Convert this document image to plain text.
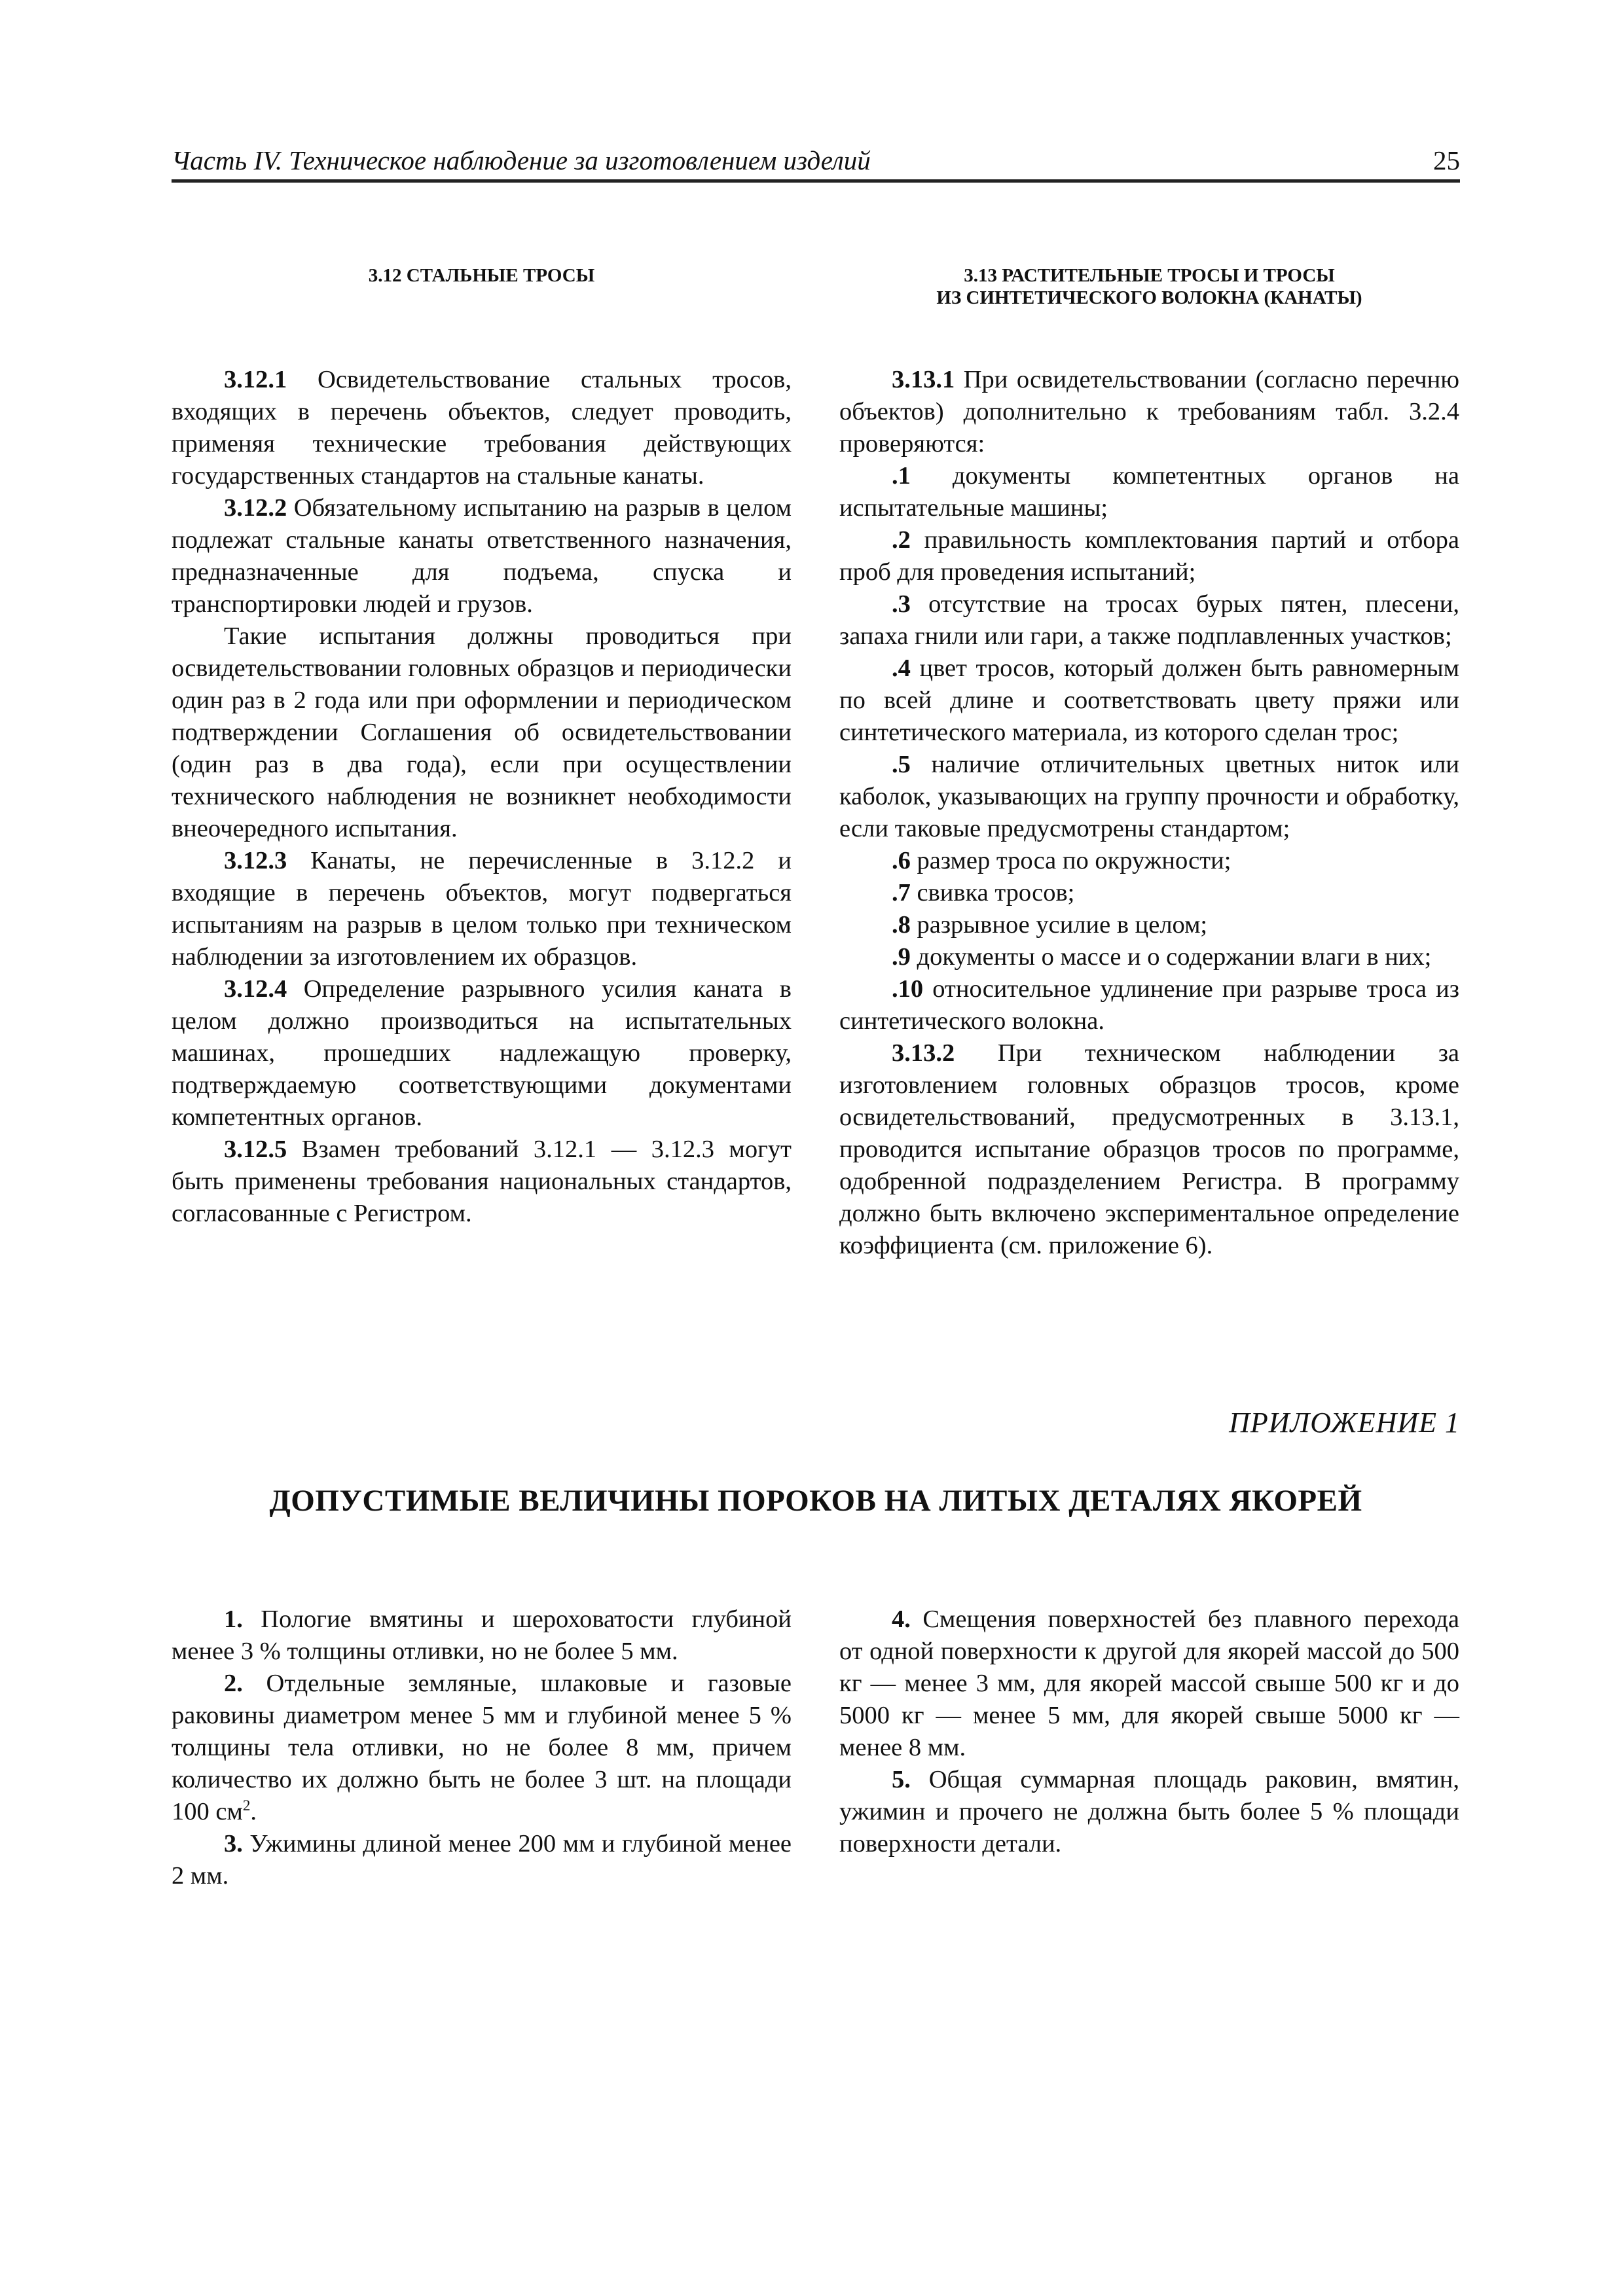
Часть IV. Техническое наблюдение за изготовлением изделий	25

3.12 СТАЛЬНЫЕ ТРОСЫ

3.12.1 Освидетельствование стальных тросов, входящих в перечень объектов, следует проводить, применяя технические требования действующих государственных стандартов на стальные канаты.

3.12.2 Обязательному испытанию на разрыв в целом подлежат стальные канаты ответственного назначения, предназначенные для подъема, спуска и транспортировки людей и грузов.

Такие испытания должны проводиться при освидетельствовании головных образцов и периодически один раз в 2 года или при оформлении и периодическом подтверждении Соглашения об освидетельствовании (один раз в два года), если при осуществлении технического наблюдения не возникнет необходимости внеочередного испытания.

3.12.3 Канаты, не перечисленные в 3.12.2 и входящие в перечень объектов, могут подвергаться испытаниям на разрыв в целом только при техническом наблюдении за изготовлением их образцов.

3.12.4 Определение разрывного усилия каната в целом должно производиться на испытательных машинах, прошедших надлежащую проверку, подтверждаемую соответствующими документами компетентных органов.

3.12.5 Взамен требований 3.12.1 — 3.12.3 могут быть применены требования национальных стандартов, согласованные с Регистром.

3.13 РАСТИТЕЛЬНЫЕ ТРОСЫ И ТРОСЫ
ИЗ СИНТЕТИЧЕСКОГО ВОЛОКНА (КАНАТЫ)

3.13.1 При освидетельствовании (согласно перечню объектов) дополнительно к требованиям табл. 3.2.4 проверяются:

.1 документы компетентных органов на испытательные машины;

.2 правильность комплектования партий и отбора проб для проведения испытаний;

.3 отсутствие на тросах бурых пятен, плесени, запаха гнили или гари, а также подплавленных участков;

.4 цвет тросов, который должен быть равномерным по всей длине и соответствовать цвету пряжи или синтетического материала, из которого сделан трос;

.5 наличие отличительных цветных ниток или каболок, указывающих на группу прочности и обработку, если таковые предусмотрены стандартом;

.6 размер троса по окружности;

.7 свивка тросов;

.8 разрывное усилие в целом;

.9 документы о массе и о содержании влаги в них;

.10 относительное удлинение при разрыве троса из синтетического волокна.

3.13.2 При техническом наблюдении за изготовлением головных образцов тросов, кроме освидетельствований, предусмотренных в 3.13.1, проводится испытание образцов тросов по программе, одобренной подразделением Регистра. В программу должно быть включено экспериментальное определение коэффициента (см. приложение 6).

ПРИЛОЖЕНИЕ 1
ДОПУСТИМЫЕ ВЕЛИЧИНЫ ПОРОКОВ НА ЛИТЫХ ДЕТАЛЯХ ЯКОРЕЙ

1. Пологие вмятины и шероховатости глубиной менее 3 % толщины отливки, но не более 5 мм.

2. Отдельные земляные, шлаковые и газовые раковины диаметром менее 5 мм и глубиной менее 5 % толщины тела отливки, но не более 8 мм, причем количество их должно быть не более 3 шт. на площади 100 $см^2$.

3. Ужимины длиной менее 200 мм и глубиной менее 2 мм.

4. Смещения поверхностей без плавного перехода от одной поверхности к другой для якорей массой до 500 кг — менее 3 мм, для якорей массой свыше 500 кг и до 5000 кг — менее 5 мм, для якорей свыше 5000 кг — менее 8 мм.

5. Общая суммарная площадь раковин, вмятин, ужимин и прочего не должна быть более 5 % площади поверхности детали.
